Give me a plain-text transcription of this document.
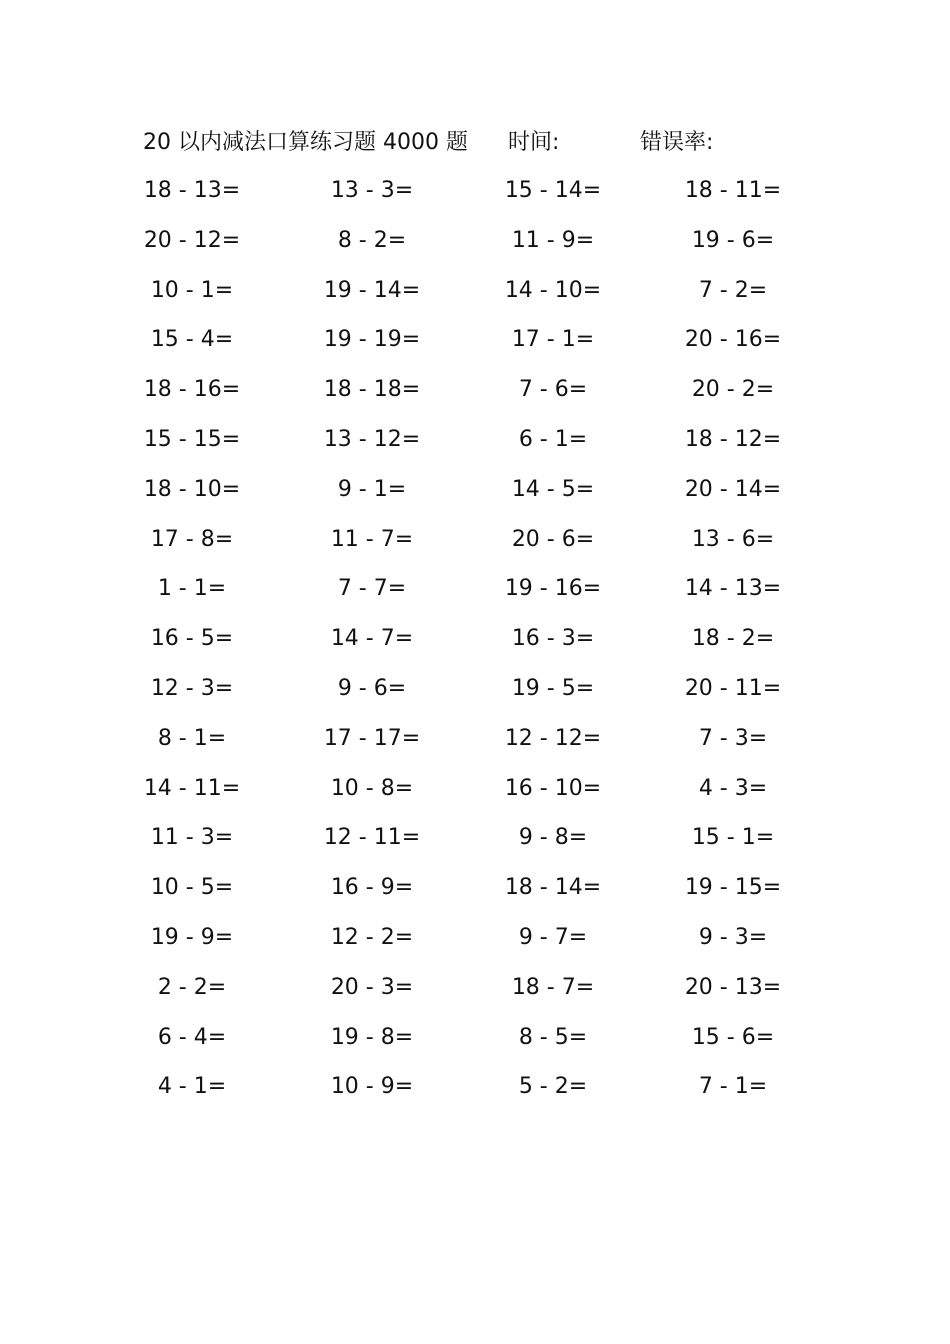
20 以内减法口算练习题 4000 题 时间:	错误率:
18 - 13=	13 - 3=	15 - 14=	18 - 11=
20 - 12=	8 - 2=	11 - 9=	19 - 6=
10 - 1=	19 - 14=	14 - 10=	7 - 2=
15 - 4=	19 - 19=	17 - 1=	20 - 16=
18 - 16=	18 - 18=	7 - 6=	20 - 2=
15 - 15=	13 - 12=	6 - 1=	18 - 12=
18 - 10=	9 - 1=	14 - 5=	20 - 14=
17 - 8=	11 - 7=	20 - 6=	13 - 6=
1 - 1=	7 - 7=	19 - 16=	14 - 13=
16 - 5=	14 - 7=	16 - 3=	18 - 2=
12 - 3=	9 - 6=	19 - 5=	20 - 11=
8 - 1=	17 - 17=	12 - 12=	7 - 3=
14 - 11=	10 - 8=	16 - 10=	4 - 3=
11 - 3=	12 - 11=	9 - 8=	15 - 1=
10 - 5=	16 - 9=	18 - 14=	19 - 15=
19 - 9=	12 - 2=	9 - 7=	9 - 3=
2 - 2=	20 - 3=	18 - 7=	20 - 13=
6 - 4=	19 - 8=	8 - 5=	15 - 6=
4 - 1=	10 - 9=	5 - 2=	7 - 1=
